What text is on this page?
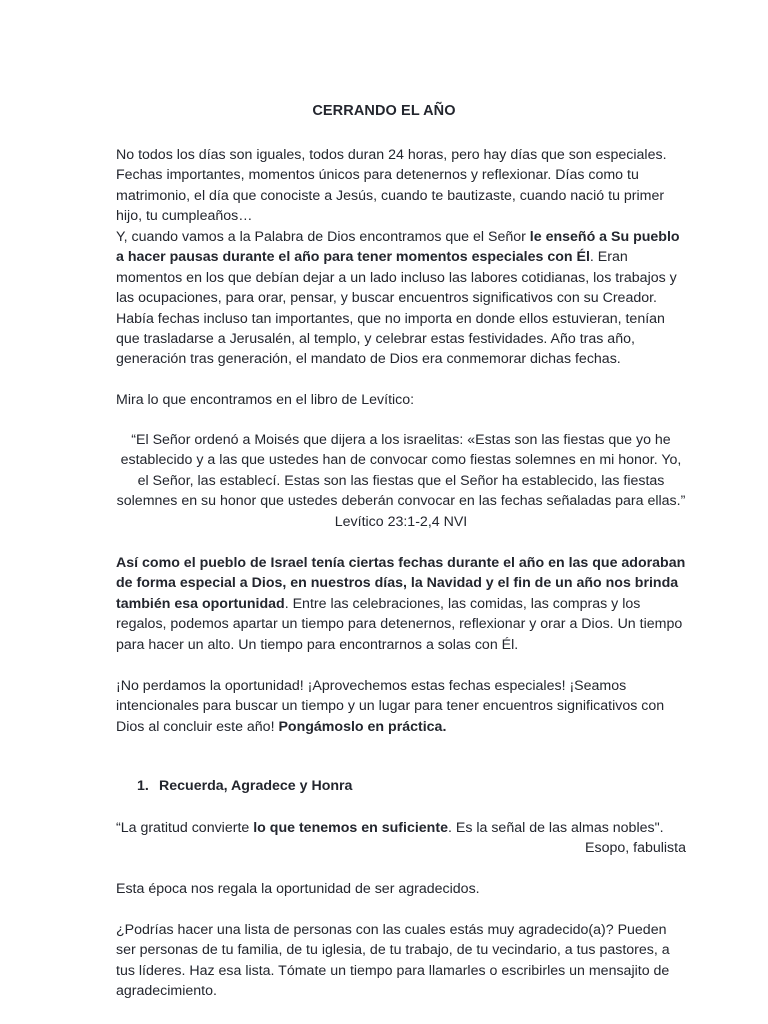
CERRANDO EL AÑO

No todos los días son iguales, todos duran 24 horas, pero hay días que son especiales. Fechas importantes, momentos únicos para detenernos y reflexionar. Días como tu matrimonio, el día que conociste a Jesús, cuando te bautizaste, cuando nació tu primer hijo, tu cumpleaños…

Y, cuando vamos a la Palabra de Dios encontramos que el Señor le enseñó a Su pueblo a hacer pausas durante el año para tener momentos especiales con Él. Eran momentos en los que debían dejar a un lado incluso las labores cotidianas, los trabajos y las ocupaciones, para orar, pensar, y buscar encuentros significativos con su Creador. Había fechas incluso tan importantes, que no importa en donde ellos estuvieran, tenían que trasladarse a Jerusalén, al templo, y celebrar estas festividades. Año tras año, generación tras generación, el mandato de Dios era conmemorar dichas fechas.

Mira lo que encontramos en el libro de Levítico:

“El Señor ordenó a Moisés que dijera a los israelitas: «Estas son las fiestas que yo he establecido y a las que ustedes han de convocar como fiestas solemnes en mi honor. Yo, el Señor, las establecí. Estas son las fiestas que el Señor ha establecido, las fiestas solemnes en su honor que ustedes deberán convocar en las fechas señaladas para ellas.” Levítico 23:1-2,4 NVI

Así como el pueblo de Israel tenía ciertas fechas durante el año en las que adoraban de forma especial a Dios, en nuestros días, la Navidad y el fin de un año nos brinda también esa oportunidad. Entre las celebraciones, las comidas, las compras y los regalos, podemos apartar un tiempo para detenernos, reflexionar y orar a Dios. Un tiempo para hacer un alto. Un tiempo para encontrarnos a solas con Él.

¡No perdamos la oportunidad! ¡Aprovechemos estas fechas especiales! ¡Seamos intencionales para buscar un tiempo y un lugar para tener encuentros significativos con Dios al concluir este año! Pongámoslo en práctica.

1. Recuerda, Agradece y Honra

“La gratitud convierte lo que tenemos en suficiente. Es la señal de las almas nobles".

Esopo, fabulista

Esta época nos regala la oportunidad de ser agradecidos.

¿Podrías hacer una lista de personas con las cuales estás muy agradecido(a)? Pueden ser personas de tu familia, de tu iglesia, de tu trabajo, de tu vecindario, a tus pastores, a tus líderes. Haz esa lista. Tómate un tiempo para llamarles o escribirles un mensajito de agradecimiento.
